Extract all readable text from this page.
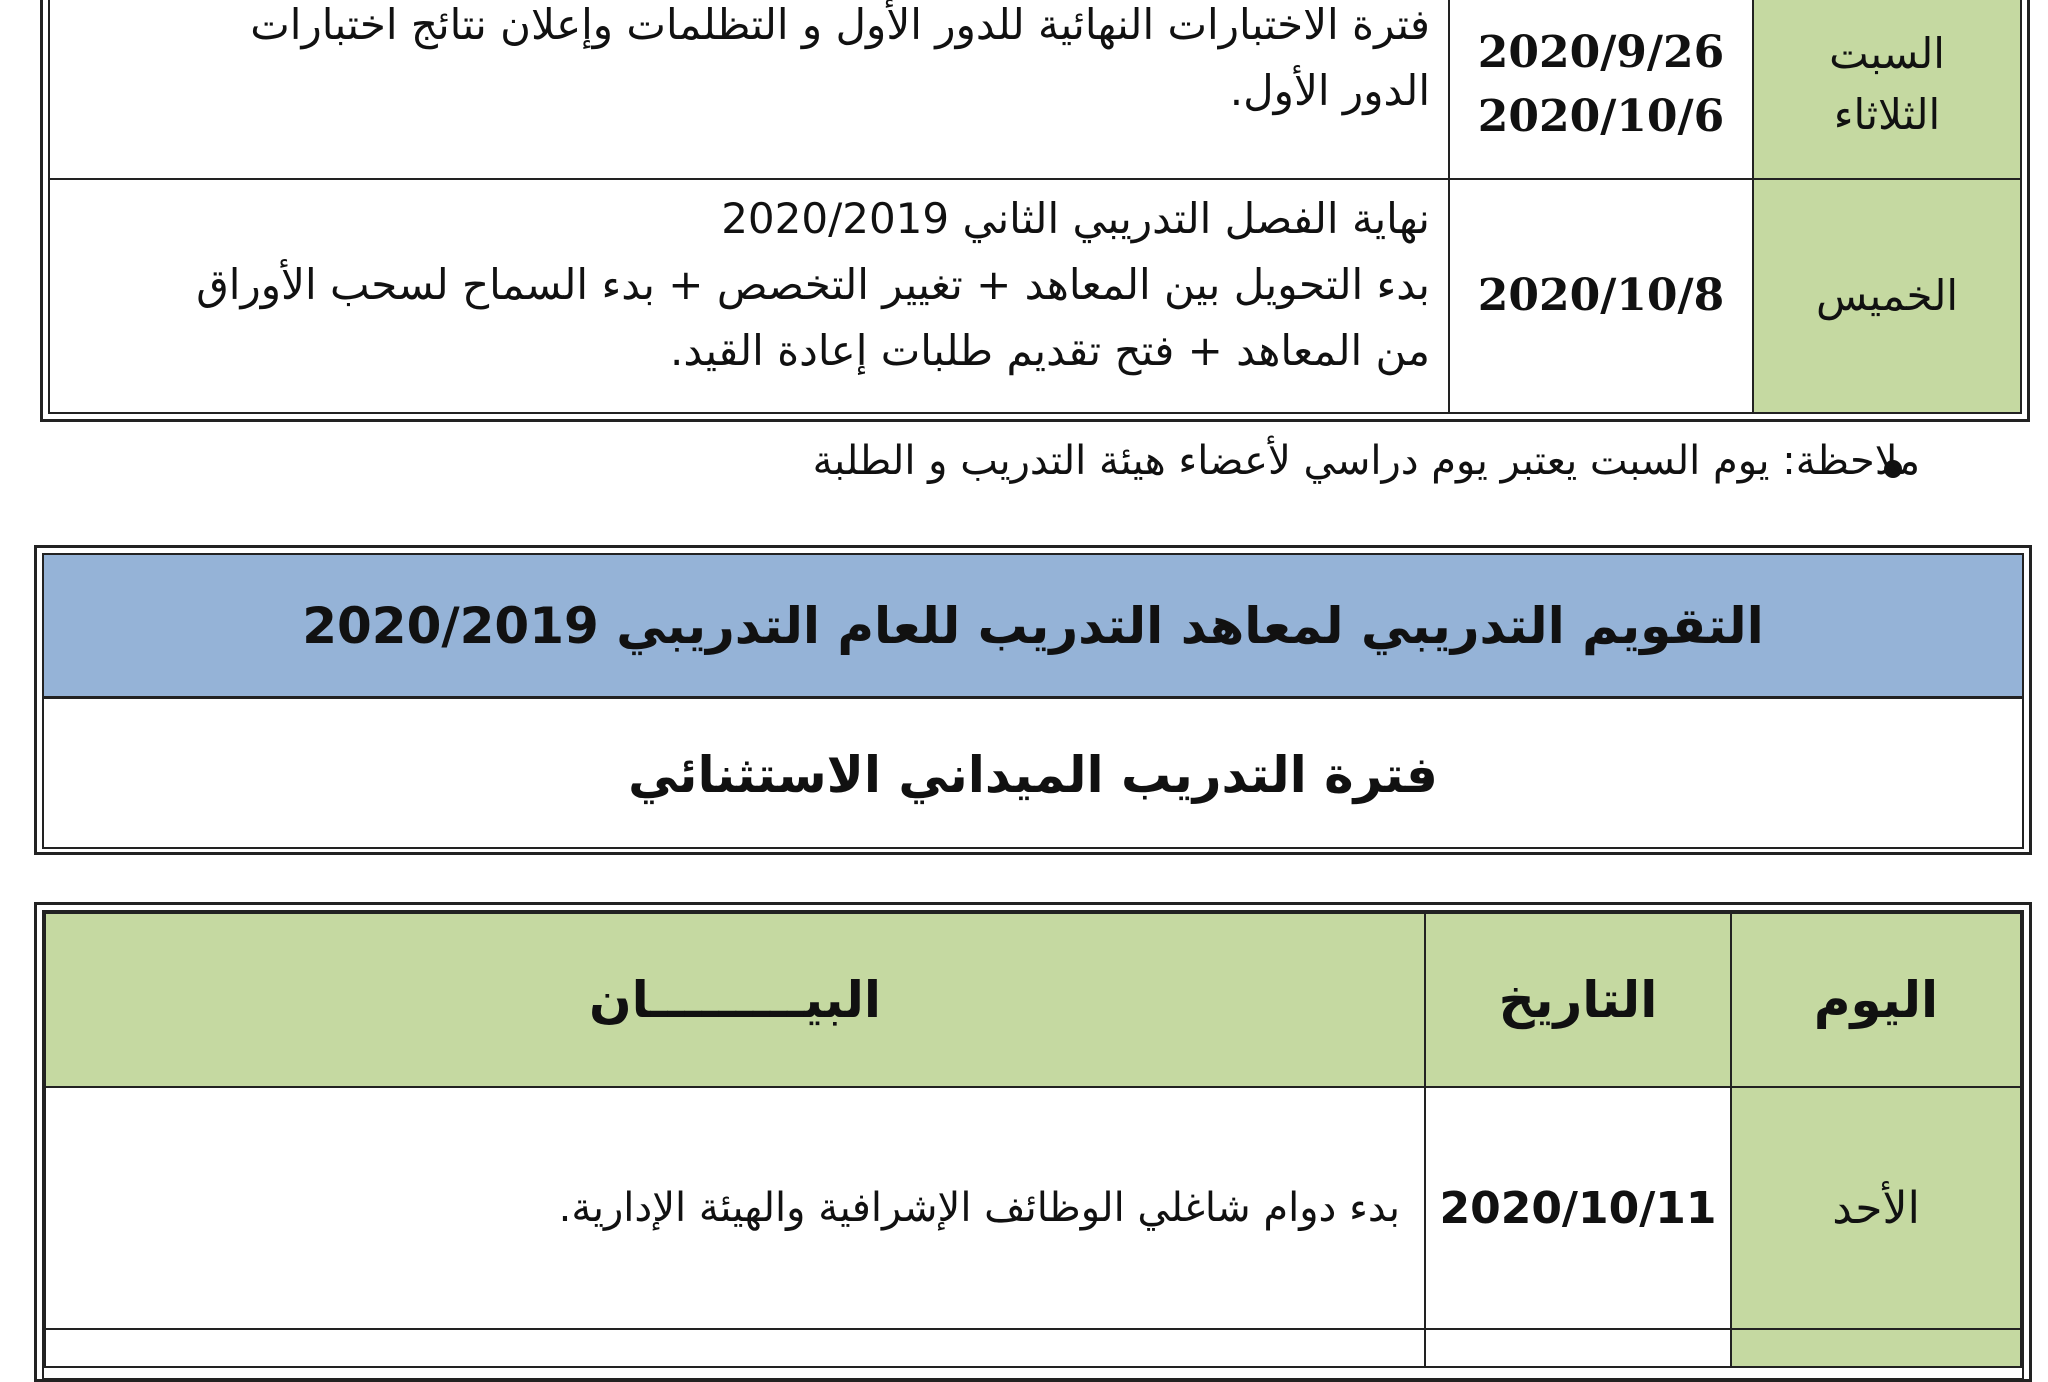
السبت
الثلاثاء
2020/9/26
2020/10/6
فترة الاختبارات النهائية للدور الأول و التظلمات وإعلان نتائج اختبارات
الدور الأول.
الخميس
2020/10/8
نهاية الفصل التدريبي الثاني 2020/2019
بدء التحويل بين المعاهد + تغيير التخصص + بدء السماح لسحب الأوراق
من المعاهد + فتح تقديم طلبات إعادة القيد.
ملاحظة: يوم السبت يعتبر يوم دراسي لأعضاء هيئة التدريب و الطلبة
التقويم التدريبي لمعاهد التدريب للعام التدريبي 2020/2019
فترة التدريب الميداني الاستثنائي
اليوم
التاريخ
البيـــــــــان
الأحد
2020/10/11
بدء دوام شاغلي الوظائف الإشرافية والهيئة الإدارية.
